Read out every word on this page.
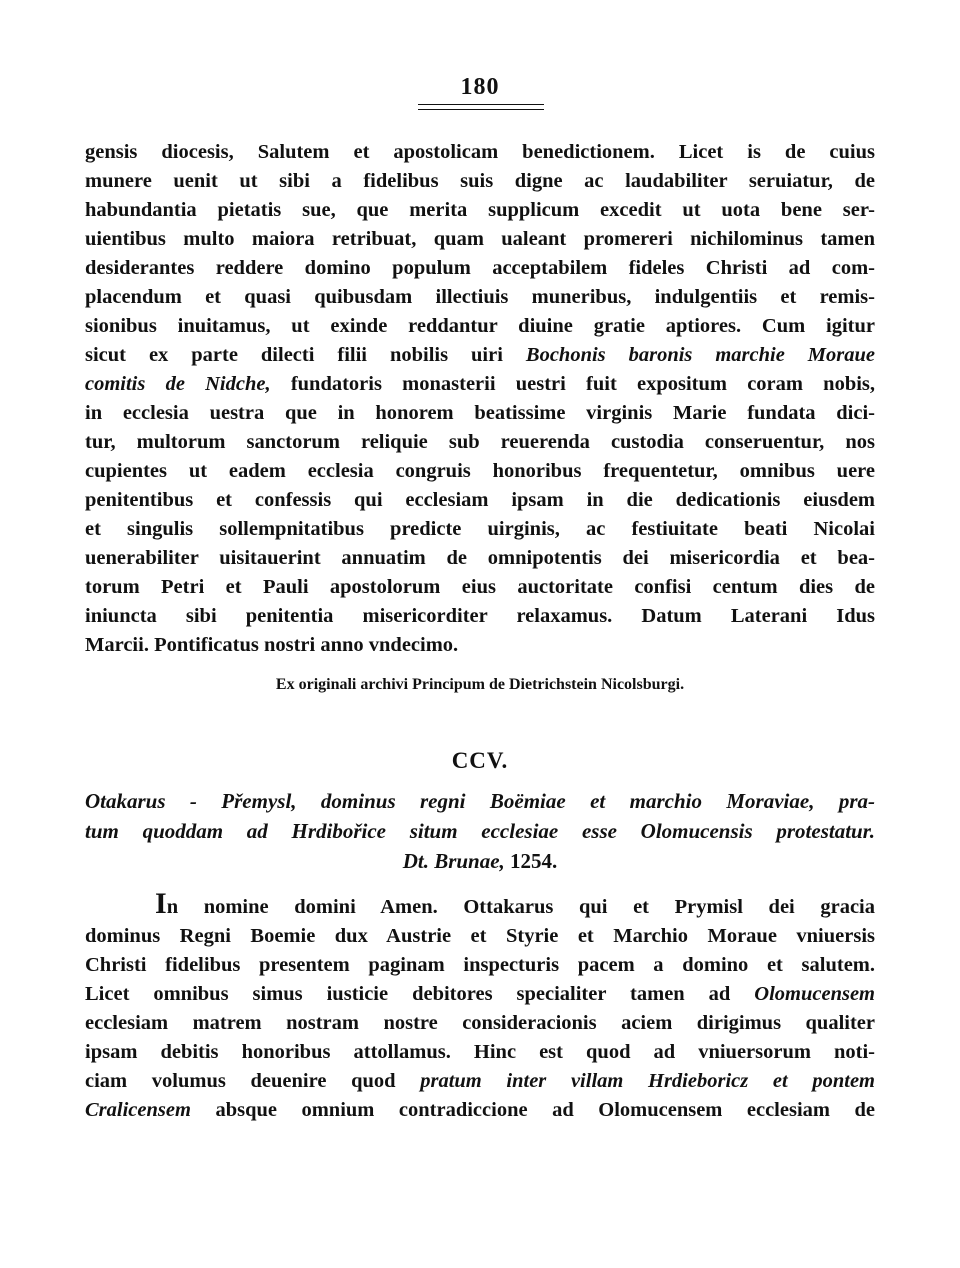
180
gensis diocesis, Salutem et apostolicam benedictionem. Licet is de cuius
munere uenit ut sibi a fidelibus suis digne ac laudabiliter seruiatur, de
habundantia pietatis sue, que merita supplicum excedit ut uota bene ser-
uientibus multo maiora retribuat, quam ualeant promereri nichilominus tamen
desiderantes reddere domino populum acceptabilem fideles Christi ad com-
placendum et quasi quibusdam illectiuis muneribus, indulgentiis et remis-
sionibus inuitamus, ut exinde reddantur diuine gratie aptiores. Cum igitur
sicut ex parte dilecti filii nobilis uiri Bochonis baronis marchie Moraue
comitis de Nidche, fundatoris monasterii uestri fuit expositum coram nobis,
in ecclesia uestra que in honorem beatissime virginis Marie fundata dici-
tur, multorum sanctorum reliquie sub reuerenda custodia conseruentur, nos
cupientes ut eadem ecclesia congruis honoribus frequentetur, omnibus uere
penitentibus et confessis qui ecclesiam ipsam in die dedicationis eiusdem
et singulis sollempnitatibus predicte uirginis, ac festiuitate beati Nicolai
uenerabiliter uisitauerint annuatim de omnipotentis dei misericordia et bea-
torum Petri et Pauli apostolorum eius auctoritate confisi centum dies de
iniuncta sibi penitentia misericorditer relaxamus. Datum Laterani Idus
Marcii. Pontificatus nostri anno vndecimo.
Ex originali archivi Principum de Dietrichstein Nicolsburgi.
CCV.
Otakarus - Přemysl, dominus regni Boëmiae et marchio Moraviae, pra-
tum quoddam ad Hrdibořice situm ecclesiae esse Olomucensis protestatur.
Dt. Brunae, 1254.
In nomine domini Amen. Ottakarus qui et Prymisl dei gracia
dominus Regni Boemie dux Austrie et Styrie et Marchio Moraue vniuersis
Christi fidelibus presentem paginam inspecturis pacem a domino et salutem.
Licet omnibus simus iusticie debitores specialiter tamen ad Olomucensem
ecclesiam matrem nostram nostre consideracionis aciem dirigimus qualiter
ipsam debitis honoribus attollamus. Hinc est quod ad vniuersorum noti-
ciam volumus deuenire quod pratum inter villam Hrdieboricz et pontem
Cralicensem absque omnium contradiccione ad Olomucensem ecclesiam de
